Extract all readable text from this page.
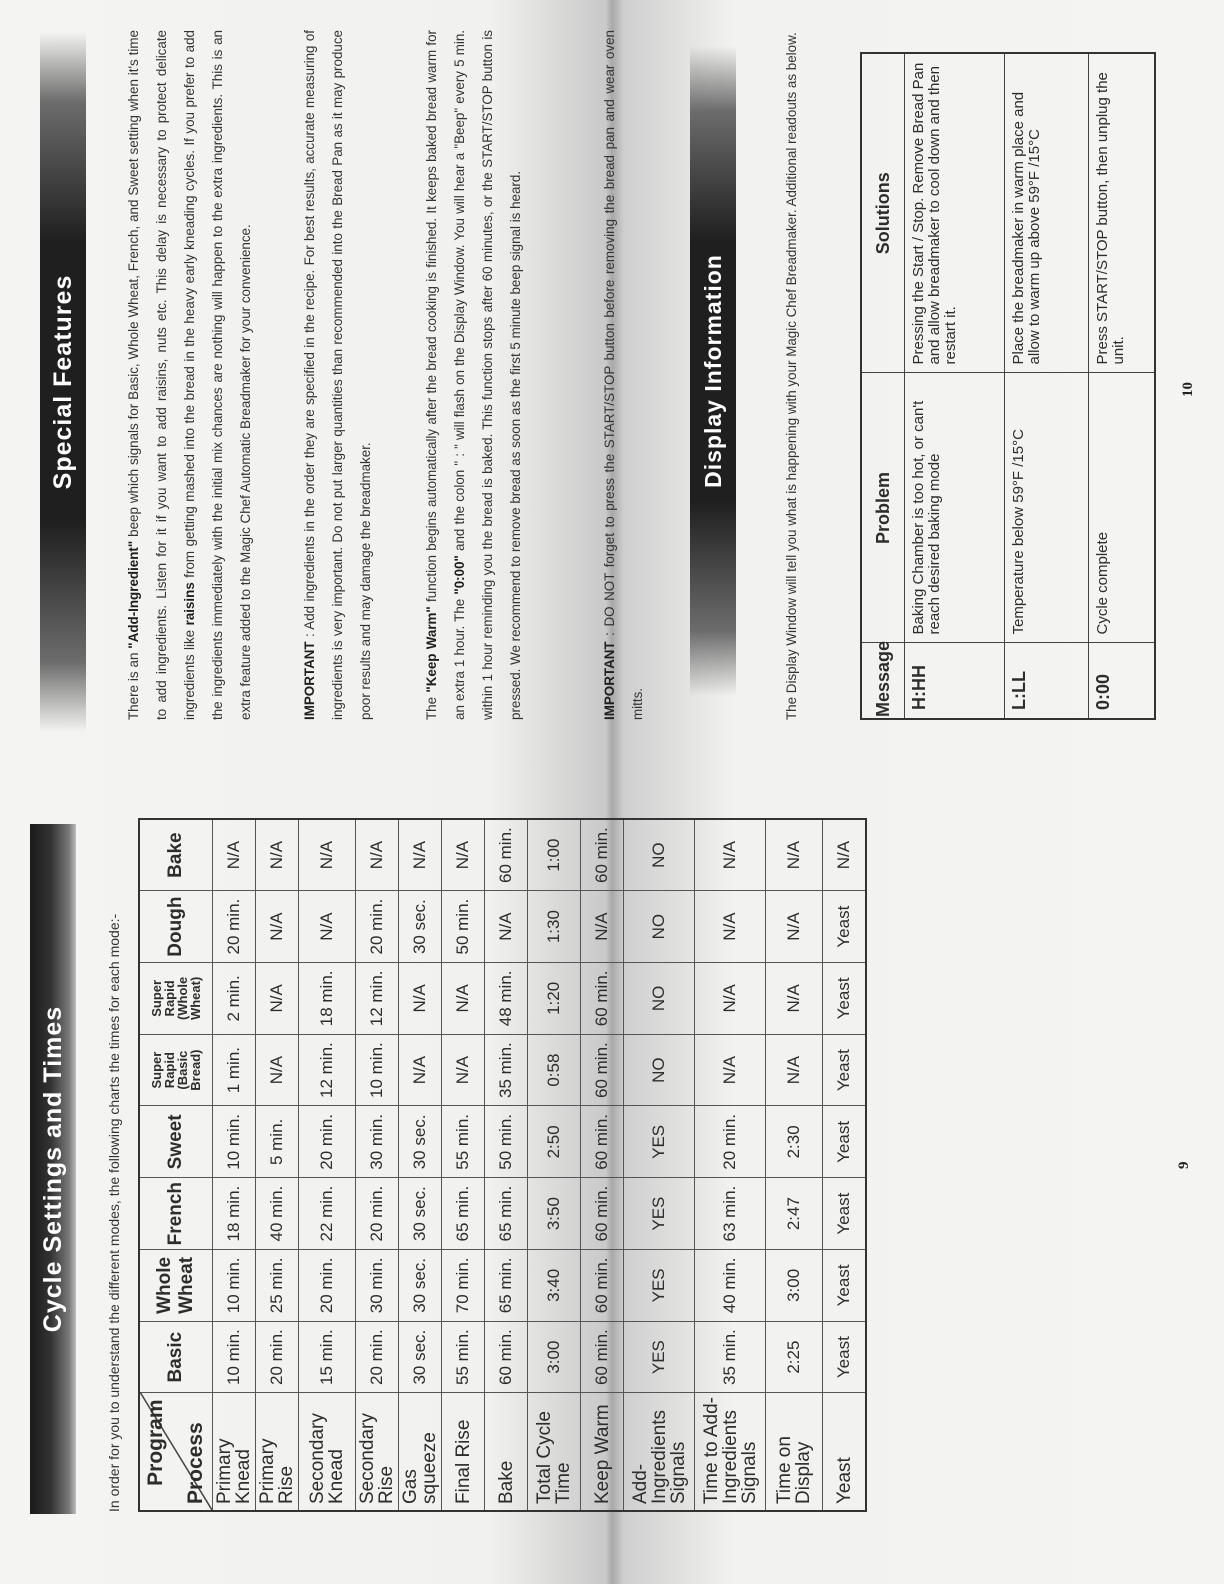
Cycle Settings and Times	In order for you to understand the different modes, the following charts the times for each mode:- Program Process	Basic	Whole Wheat	French	Sweet	Super Rapid (Basic Bread)	Super Rapid (Whole Wheat)	Dough	Bake
Primary Knead	10 min.	10 min.	18 min.	10 min.	1 min.	2 min.	20 min.	N/A
Primary Rise	20 min.	25 min.	40 min.	5 min.	N/A	N/A	N/A	N/A
Secondary Knead	15 min.	20 min.	22 min.	20 min.	12 min.	18 min.	N/A	N/A
Secondary Rise	20 min.	30 min.	20 min.	30 min.	10 min.	12 min.	20 min.	N/A
Gas squeeze	30 sec.	30 sec.	30 sec.	30 sec.	N/A	N/A	30 sec.	N/A
Final Rise	55 min.	70 min.	65 min.	55 min.	N/A	N/A	50 min.	N/A
Bake	60 min.	65 min.	65 min.	50 min.	35 min.	48 min.	N/A	60 min.
Total Cycle Time	3:00	3:40	3:50	2:50	0:58	1:20	1:30	1:00
Keep Warm	60 min.	60 min.	60 min.	60 min.	60 min.	60 min.	N/A	60 min.
Add-Ingredients Signals	YES	YES	YES	YES	NO	NO	NO	NO
Time to Add-Ingredients Signals	35 min.	40 min.	63 min.	20 min.	N/A	N/A	N/A	N/A
Time on Display	2:25	3:00	2:47	2:30	N/A	N/A	N/A	N/A
Yeast	Yeast	Yeast	Yeast	Yeast	Yeast	Yeast	Yeast	N/A
9
Special Features
There is an "Add-Ingredient" beep which signals for Basic, Whole Wheat, French, and Sweet setting when it's time to add ingredients. Listen for it if you want to add raisins, nuts etc. This delay is necessary to protect delicate ingredients like raisins from getting mashed into the bread in the heavy early kneading cycles. If you prefer to add the ingredients immediately with the initial mix chances are nothing will happen to the extra ingredients. This is an extra feature added to the Magic Chef Automatic Breadmaker for your convenience.	IMPORTANT : Add ingredients in the order they are specified in the recipe. For best results, accurate measuring of ingredients is very important. Do not put larger quantities than recommended into the Bread Pan as it may produce poor results and may damage the breadmaker.	The "Keep Warm" function begins automatically after the bread cooking is finished. It keeps baked bread warm for an extra 1 hour. The "0:00" and the colon " : " will flash on the Display Window. You will hear a "Beep" every 5 min. within 1 hour reminding you the bread is baked. This function stops after 60 minutes, or the START/STOP button is pressed. We recommend to remove bread as soon as the first 5 minute beep signal is heard.	IMPORTANT : DO NOT forget to press the START/STOP button before removing the bread pan and wear oven mitts.
Display Information	The Display Window will tell you what is happening with your Magic Chef Breadmaker. Additional readouts as below.	Message	Problem	Solutions
H:HH	Baking Chamber is too hot, or can't reach desired baking mode	Pressing the Start / Stop. Remove Bread Pan and allow breadmaker to cool down and then restart it.
L:LL	Temperature below 59°F /15°C	Place the breadmaker in warm place and allow to warm up above 59°F /15°C
0:00	Cycle complete	Press START/STOP button, then unplug the unit.
10
